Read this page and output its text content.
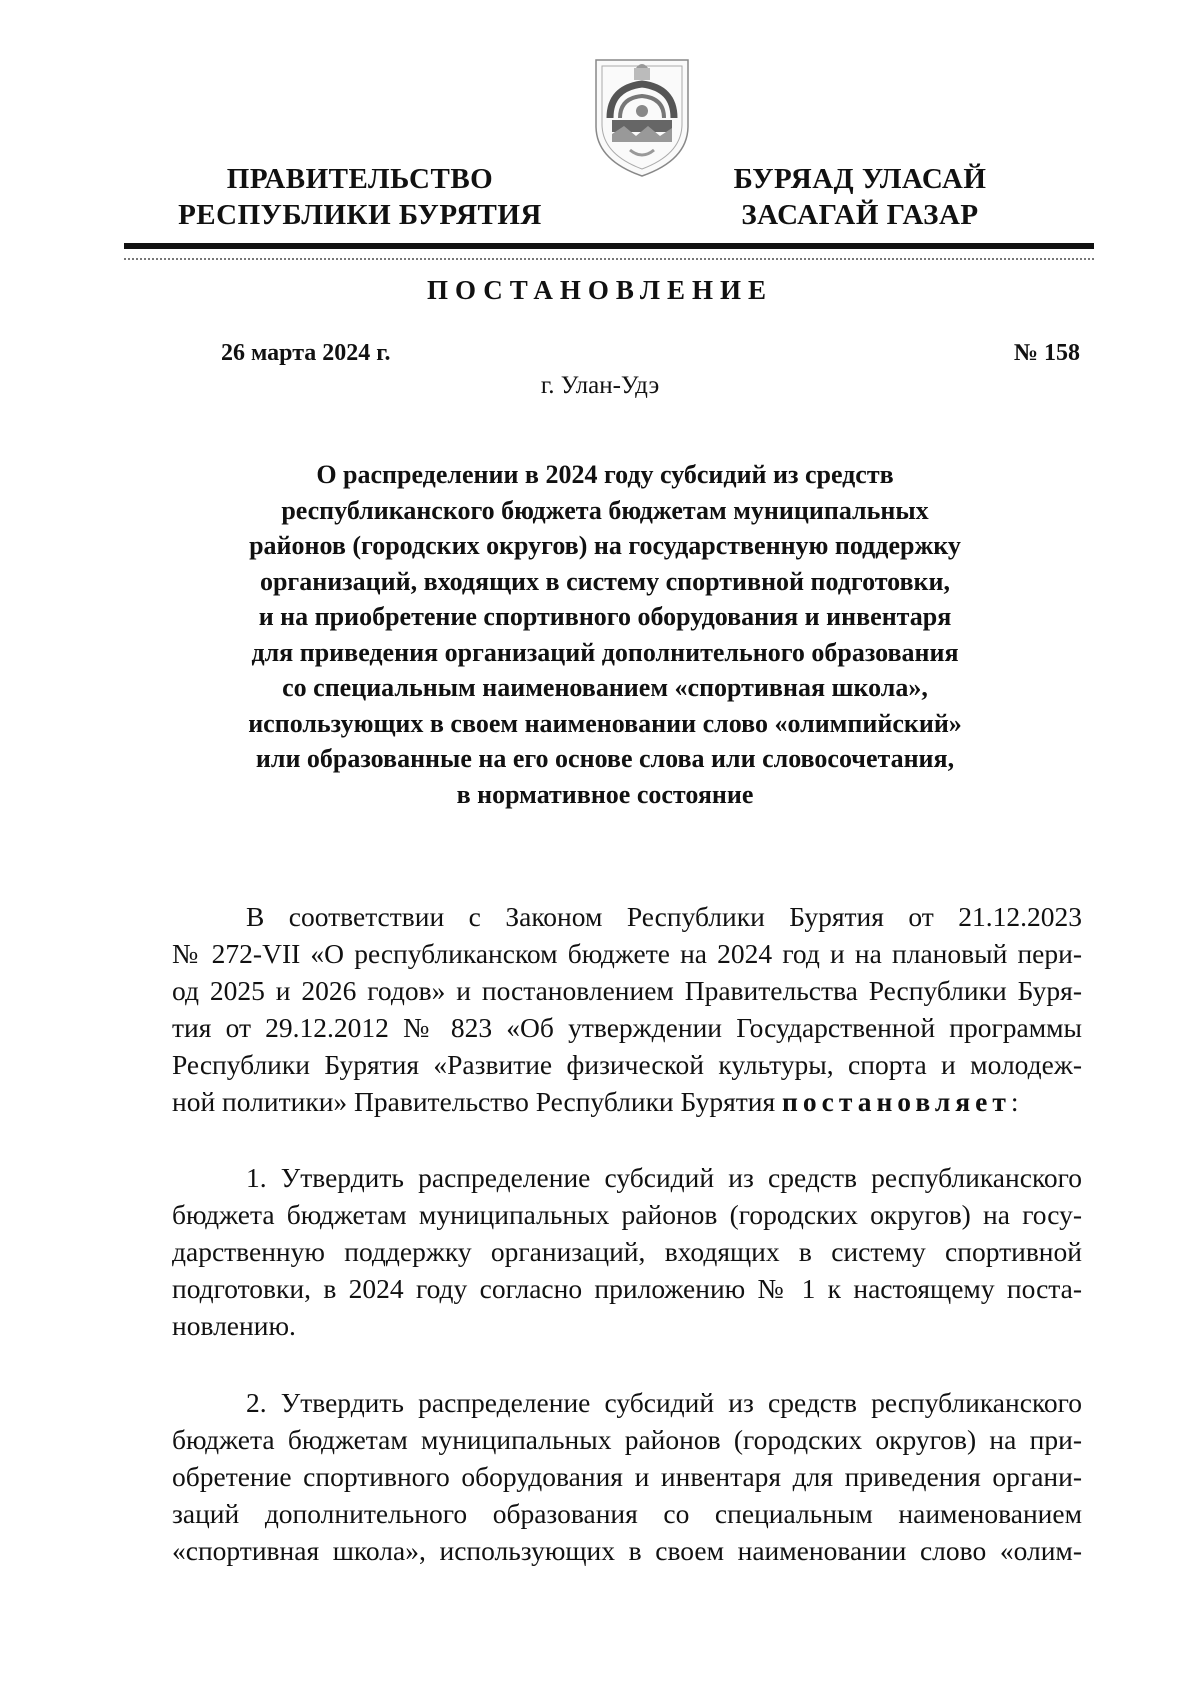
ПРАВИТЕЛЬСТВО
РЕСПУБЛИКИ БУРЯТИЯ
БУРЯАД УЛАСАЙ
ЗАСАГАЙ ГАЗАР
ПОСТАНОВЛЕНИЕ
26 марта 2024 г.	№ 158
г. Улан-Удэ
О распределении в 2024 году субсидий из средств
республиканского бюджета бюджетам муниципальных
районов (городских округов) на государственную поддержку
организаций, входящих в систему спортивной подготовки,
и на приобретение спортивного оборудования и инвентаря
для приведения организаций дополнительного образования
со специальным наименованием «спортивная школа»,
использующих в своем наименовании слово «олимпийский»
или образованные на его основе слова или словосочетания,
в нормативное состояние
В соответствии с Законом Республики Бурятия от 21.12.2023
№ 272-VII «О республиканском бюджете на 2024 год и на плановый пери-
од 2025 и 2026 годов» и постановлением Правительства Республики Буря-
тия от 29.12.2012 № 823 «Об утверждении Государственной программы
Республики Бурятия «Развитие физической культуры, спорта и молодеж-
ной политики» Правительство Республики Бурятия постановляет:
1. Утвердить распределение субсидий из средств республиканского
бюджета бюджетам муниципальных районов (городских округов) на госу-
дарственную поддержку организаций, входящих в систему спортивной
подготовки, в 2024 году согласно приложению № 1 к настоящему поста-
новлению.
2. Утвердить распределение субсидий из средств республиканского
бюджета бюджетам муниципальных районов (городских округов) на при-
обретение спортивного оборудования и инвентаря для приведения органи-
заций дополнительного образования со специальным наименованием
«спортивная школа», использующих в своем наименовании слово «олим-
